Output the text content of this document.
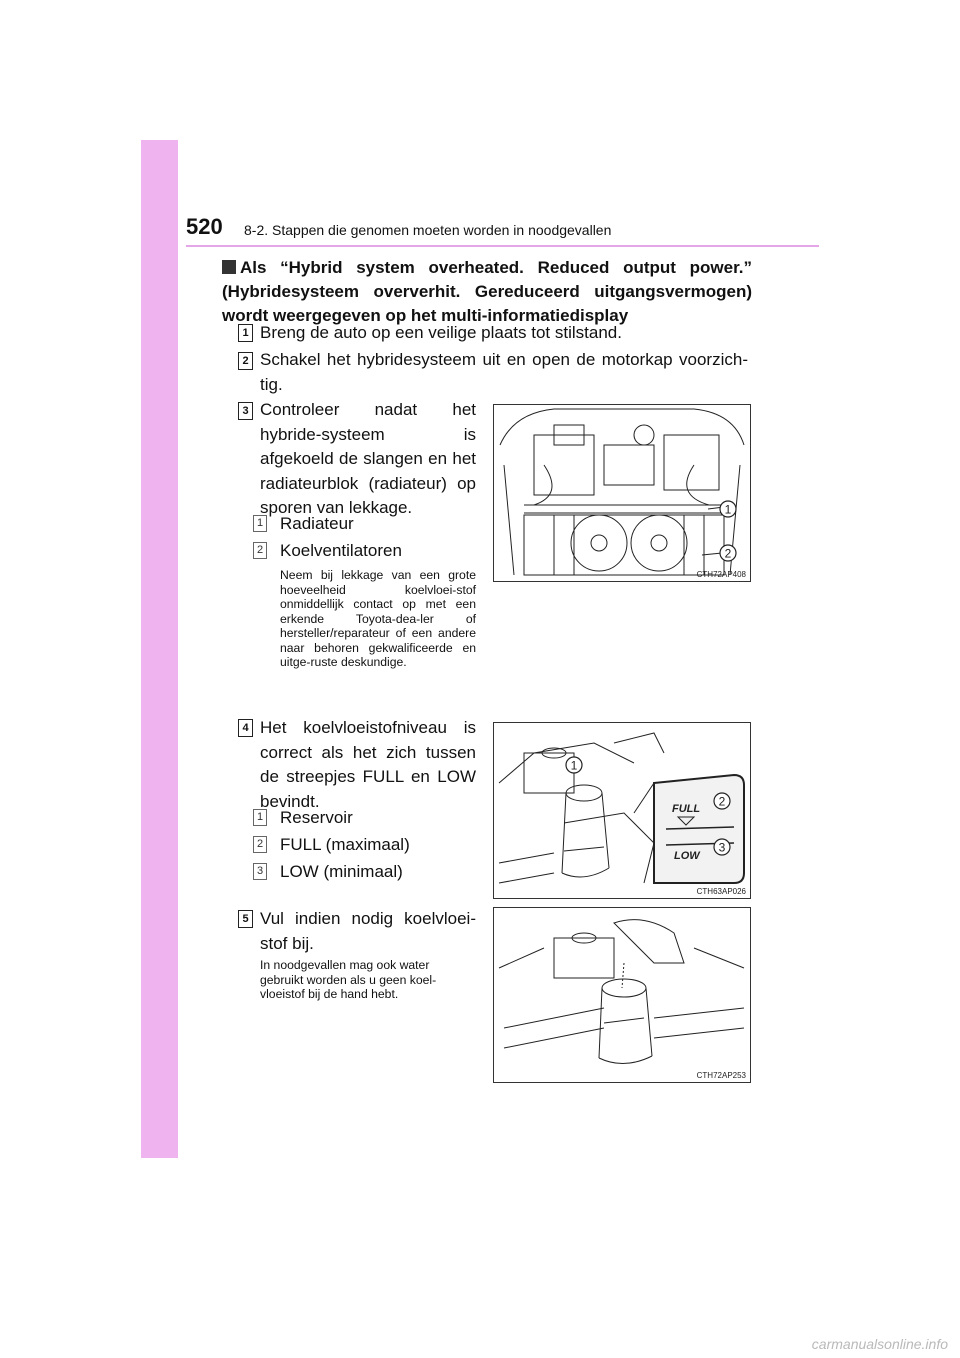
520 8-2. Stappen die genomen moeten worden in noodgevallen
Als “Hybrid system overheated. Reduced output power.” (Hybridesysteem oververhit. Gereduceerd uitgangsvermogen) wordt weergegeven op het multi-informatiedisplay
1 Breng de auto op een veilige plaats tot stilstand.
2 Schakel het hybridesysteem uit en open de motorkap voorzich-tig.
3 Controleer nadat het hybride-systeem is afgekoeld de slangen en het radiateurblok (radiateur) op sporen van lekkage.
1 Radiateur
2 Koelventilatoren
Neem bij lekkage van een grote hoeveelheid koelvloei-stof onmiddellijk contact op met een erkende Toyota-dea-ler of hersteller/reparateur of een andere naar behoren gekwalificeerde en uitge-ruste deskundige.
1
2
CTH72AP408
4 Het koelvloeistofniveau is correct als het zich tussen de streepjes FULL en LOW bevindt.
1 Reservoir
2 FULL (maximaal)
3 LOW (minimaal)
FULL
LOW
1
2
3
CTH63AP026
5 Vul indien nodig koelvloei-stof bij.
In noodgevallen mag ook water gebruikt worden als u geen koel-vloeistof bij de hand hebt.
CTH72AP253
carmanualsonline.info
